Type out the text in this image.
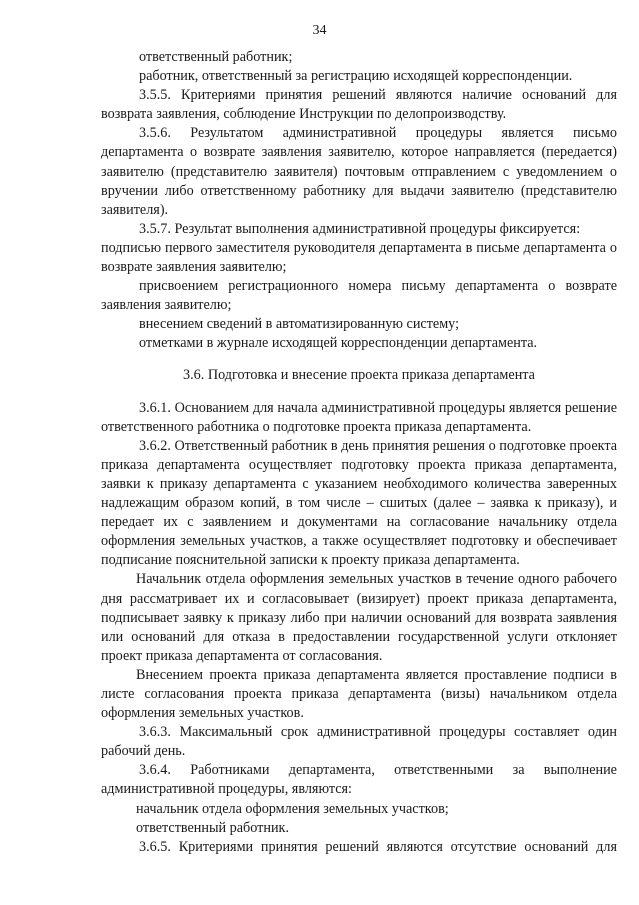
34

ответственный работник;

работник, ответственный за регистрацию исходящей корреспонденции.

3.5.5. Критериями принятия решений являются наличие оснований для возврата заявления, соблюдение Инструкции по делопроизводству.

3.5.6. Результатом административной процедуры является письмо департамента о возврате заявления заявителю, которое направляется (передается) заявителю (представителю заявителя) почтовым отправлением с уведомлением о вручении либо ответственному работнику для выдачи заявителю (представителю заявителя).

3.5.7. Результат выполнения административной процедуры фиксируется:

подписью первого заместителя руководителя департамента в письме департамента о возврате заявления заявителю;

присвоением регистрационного номера письму департамента о возврате заявления заявителю;

внесением сведений в автоматизированную систему;

отметками в журнале исходящей корреспонденции департамента.

3.6. Подготовка и внесение проекта приказа департамента

3.6.1. Основанием для начала административной процедуры является решение ответственного работника о подготовке проекта приказа департамента.

3.6.2. Ответственный работник в день принятия решения о подготовке проекта приказа департамента осуществляет подготовку проекта приказа департамента, заявки к приказу департамента с указанием необходимого количества заверенных надлежащим образом копий, в том числе – сшитых (далее – заявка к приказу), и передает их с заявлением и документами на согласование начальнику отдела оформления земельных участков, а также осуществляет подготовку и обеспечивает подписание пояснительной записки к проекту приказа департамента.

Начальник отдела оформления земельных участков в течение одного рабочего дня рассматривает их и согласовывает (визирует) проект приказа департамента, подписывает заявку к приказу либо при наличии оснований для возврата заявления или оснований для отказа в предоставлении государственной услуги отклоняет проект приказа департамента от согласования.

Внесением проекта приказа департамента является проставление подписи в листе согласования проекта приказа департамента (визы) начальником отдела оформления земельных участков.

3.6.3. Максимальный срок административной процедуры составляет один рабочий день.

3.6.4. Работниками департамента, ответственными за выполнение административной процедуры, являются:

начальник отдела оформления земельных участков;

ответственный работник.

3.6.5. Критериями принятия решений являются отсутствие оснований для
